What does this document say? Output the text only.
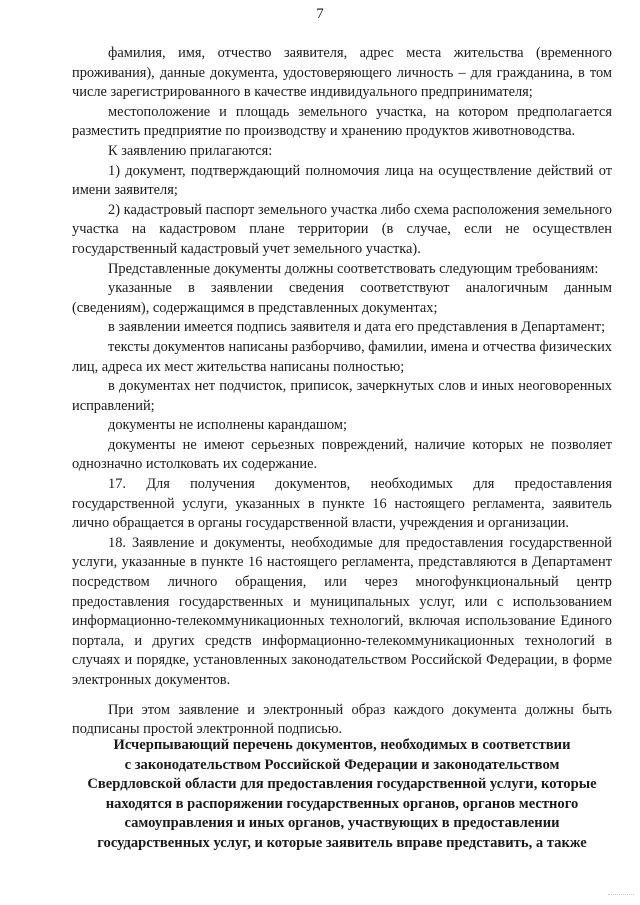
7

фамилия, имя, отчество заявителя, адрес места жительства (временного проживания), данные документа, удостоверяющего личность – для гражданина, в том числе зарегистрированного в качестве индивидуального предпринимателя;

местоположение и площадь земельного участка, на котором предполагается разместить предприятие по производству и хранению продуктов животноводства.

К заявлению прилагаются:

1) документ, подтверждающий полномочия лица на осуществление действий от имени заявителя;

2) кадастровый паспорт земельного участка либо схема расположения земельного участка на кадастровом плане территории (в случае, если не осуществлен государственный кадастровый учет земельного участка).

Представленные документы должны соответствовать следующим требованиям:

указанные в заявлении сведения соответствуют аналогичным данным (сведениям), содержащимся в представленных документах;

в заявлении имеется подпись заявителя и дата его представления в Департамент;

тексты документов написаны разборчиво, фамилии, имена и отчества физических лиц, адреса их мест жительства написаны полностью;

в документах нет подчисток, приписок, зачеркнутых слов и иных неоговоренных исправлений;

документы не исполнены карандашом;

документы не имеют серьезных повреждений, наличие которых не позволяет однозначно истолковать их содержание.

17. Для получения документов, необходимых для предоставления государственной услуги, указанных в пункте 16 настоящего регламента, заявитель лично обращается в органы государственной власти, учреждения и организации.

18. Заявление и документы, необходимые для предоставления государственной услуги, указанные в пункте 16 настоящего регламента, представляются в Департамент посредством личного обращения, или через многофункциональный центр предоставления государственных и муниципальных услуг, или с использованием информационно-телекоммуникационных технологий, включая использование Единого портала, и других средств информационно-телекоммуникационных технологий в случаях и порядке, установленных законодательством Российской Федерации, в форме электронных документов.

При этом заявление и электронный образ каждого документа должны быть подписаны простой электронной подписью.

Исчерпывающий перечень документов, необходимых в соответствии
с законодательством Российской Федерации и законодательством
Свердловской области для предоставления государственной услуги, которые
находятся в распоряжении государственных органов, органов местного
самоуправления и иных органов, участвующих в предоставлении
государственных услуг, и которые заявитель вправе представить, а также
